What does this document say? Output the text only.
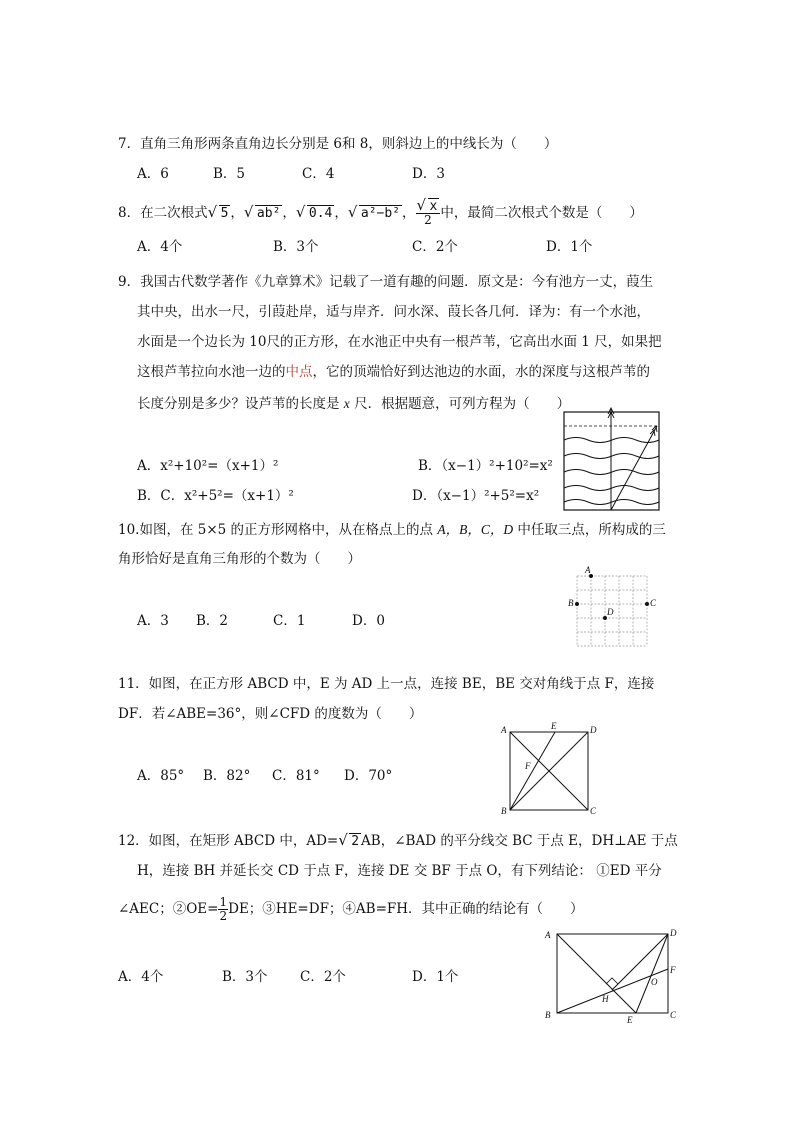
7．直角三角形两条直角边长分别是 6和 8，则斜边上的中线长为（　　）
A．6	B．5	C．4	D．3
8．在二次根式 √ 5 ， √ ab² ， √ 0.4 ， √ a²−b² ， √ $\frac{x}{2}$ 中，最简二次根式个数是（　　）
A．4个	B．3个	C．2个	D．1个
9．我国古代数学著作《九章算术》记载了一道有趣的问题．原文是：今有池方一丈，葭生
其中央，出水一尺，引葭赴岸，适与岸齐．问水深、葭长各几何．译为：有一个水池，
水面是一个边长为 10尺的正方形，在水池正中央有一根芦苇，它高出水面 1 尺，如果把
这根芦苇拉向水池一边的中点，它的顶端恰好到达池边的水面，水的深度与这根芦苇的
长度分别是多少？设芦苇的长度是 x 尺．根据题意，可列方程为（　　）
A．x²+10²=（x+1）²	B．（x−1）²+10²=x²
B．C．x²+5²=（x+1）²	D．（x−1）²+5²=x²
10.如图，在 5×5 的正方形网格中，从在格点上的点 A，B，C，D 中任取三点，所构成的三
角形恰好是直角三角形的个数为（　　）
A．3 B．2	C．1	D．0
A
B	C
D
11．如图，在正方形 ABCD 中，E 为 AD 上一点，连接 BE，BE 交对角线于点 F，连接
DF．若∠ABE=36°，则∠CFD 的度数为（　　）
A．85° B．82° C．81° D．70°
A	E	D
F
B	C
12．如图，在矩形 ABCD 中，AD= √ 2 AB，∠BAD 的平分线交 BC 于点 E，DH⊥AE 于点
H，连接 BH 并延长交 CD 于点 F，连接 DE 交 BF 于点 O，有下列结论： ①ED 平分
∠AEC；②OE= $\frac{1}{2}$ DE；③HE=DF；④AB=FH．其中正确的结论有（　　）
A．4个	B．3个 C．2个	D．1个
A	D
F
O
H
B	E	C
